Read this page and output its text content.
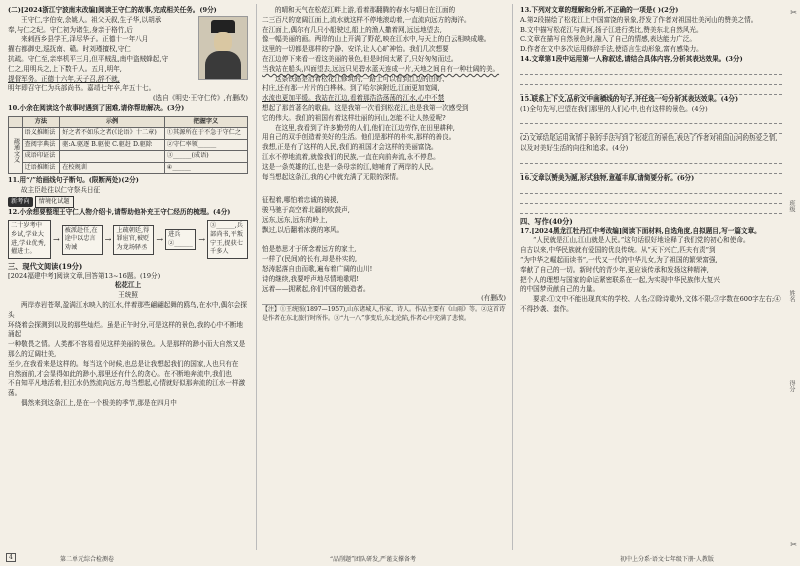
(二)[2024浙江宁波南末改编]阅读王守仁的故事,完成相关任务。(9分)

王守仁,字伯安,余姚人。祖父天叙,生子华,以胡承

奉,与仁之纪。守仁初为诸生,身亲于格竹,后

来刺西乡县学王,泽尽华子。正德十一年八月

擢右都御史,巡抚南、赣。时刘瑾擅权,守仁

抗疏。守仁至,亲率机平三月,但平贼乱,南中盗贼蜂起,守

仁之,用明兵之,上下数千人。五月,明年,

提督军务。正德十六年,天子召,辞不就,

明年即召守仁为兵部尚书。嘉靖七年卒,年五十七。

(选自《明史·王守仁传》,有删改)

10.小余在阅读这个故事时遇到了困难,请你帮助解决。(3分)

	方法	示例	把握字义
疏通文义	语义推断法	好之者不如乐之者(《论语》十二章)	①其源所在于不急于守仁之
	查阅字典法	驱:A.驱逐 B.驱使 C.驱赶 D.驱除	②守仁率领______
	成语印证法		③______(成语)
	迁语推断法	在校规训	④______

11.用“/”给画线句子断句。(限断两处)(2分)

故主臣赴往以仁守祭兵日征

新考向 情境化试题

12.小余想要整理王守仁人物介绍卡,请帮助他补充王守仁经历的梳理。(4分)

二十岁考中乡试,学业大进,学业优秀,擢进士。
→
被派赴任,在途中以忠言劝诫
→
上疏朝廷,得罪宦官,被贬为龙场驿丞
→
进兵②______ →
③______,兵部尚书,平叛宁王,捉获七千多人

三、现代文阅读(19分)

[2024福建中考]阅读文章,回答第13~16题。(19分)

松花江上

王统照

两岸赤岩苍翠,盈满江水映入的江水,伴着那些翩翩起舞的鸥鸟,在水中,偶尔会探头

环绕着会探测到以及的那些灿烂。虽是正午时分,可是这样的景色,我的心中不断地涌起

一种敬畏之情。人类都不容易看见这样美丽的景色。人是那样的渺小而大自然又是那么的辽阔壮美,

至少,在我看来是这样的。每当这个时候,也总是让我想起我们的国家,人也只有在

自然面前,才会显得如此的渺小,那里还有什么的贪心。在不断地奔流中,我们也

不自知平凡地活着,但江水仍然流向远方,每当想起,心情就好似那奔流的江水一样激荡。

偶然来到这条江上,是在一个极美的季节,那是在四月中

的晴和天气在松花江畔上游,看着那翻腾的春水与晴日在江面的

二三百尺的宽阔江面上,流水就这样不停地滚动着,一直流向远方的海洋。

在江面上,偶尔有几只小船驶过,船上的渔人撒着网,远远地望去,

像一幅美丽的画。两岸的山上开满了野花,映在江水中,与天上的白云相映成趣。

这里的一切都是那样的宁静、安详,让人心旷神怡。我们几次想要

在江边停下来看一看这美丽的景色,但是时间太紧了,只好匆匆而过。

当我站在船头,四面望去,远远只见碧水蓝天连成一片,天地之间自有一种壮阔的美。

这条铁路是沿着松花江修筑的,一路上可以看到江边的田野、

村庄,还有那一片片的白桦林。到了哈尔滨附近,江面更加宽阔,

水流也更加平缓。我站在江边,看着那浩浩荡荡的江水,心中不禁

想起了那首著名的歌曲。这是我第一次看到松花江,也是我第一次感受到

它的伟大。我们的祖国有着这样壮丽的河山,怎能不让人热爱呢?

在这里,我看到了许多勤劳的人们,他们在江边劳作,在田里耕种,

用自己的双手创造着美好的生活。他们是那样的朴实,那样的善良。

我想,正是有了这样的人民,我们的祖国才会这样的美丽富饶。

江水不停地流着,就像我们的民族,一直在向前奔流,永不停息。

这是一条英雄的江,也是一条母亲的江,她哺育了两岸的人民。

每当想起这条江,我的心中就充满了无限的深情。

征程着,哪怕着忠诚的骑援,

骏马驰于高空着北疆的吹鼓声,

远东,远东,远东的岭上,

飘过,以后翻着冰漠的寒风。

怕是愁思才于所念着远方的家土,

一样了(民间)的长有,却是朴实的,

怒涛起落自由而歌,遍布着广阔的山川!

诗的继续,我要呼声地尽情地歌唱!

远着——拥紧起,你们中国的锻造者。

(有删改)

【注】①王统照(1897—1957),山东诸城人,作家、诗人。作品主要有《山雨》等。②这首诗是作者在东北旅行时所作。③“九一八”事变后,东北沦陷,作者心中充满了悲愤。

13.下列对文章的理解和分析,不正确的一项是( )(2分)

A.第2段描绘了松花江上中国富饶的景象,抒发了作者对祖国壮美河山的赞美之情。

B.文中描写松花江与黄河,扬子江进行类比,赞美东北自然风光。

C.文章在描写自然景色时,融入了自己的情感,表达能力广泛。

D.作者在文中多次运用修辞手法,使语言生动形象,富有感染力。

14.文章第1段中运用第一人称叙述,请结合具体内容,分析其表达效果。(3分)

15.联系上下文,品析文中画横线的句子,并任选一句分析其表达效果。(4分)

(1)全句先写,巴望在我们那里的人们心中,也有这样的景色。(4分)

(2)文章结尾运用寓情于景的手法写到了松花江的景色,表达了作者对祖国山河的热爱之情,以及对美好生活的向往和追求。(4分)

16.文章以赞美为题,形式独特,意蕴丰厚,请简要分析。(6分)

四、写作(40分)

17.[2024黑龙江牡丹江中考改编]阅读下面材料,自选角度,自拟题目,写一篇文章。

“人民就是江山,江山就是人民。”这句话很好地诠释了我们党的初心和使命。

自古以来,中华民族就有爱国的优良传统。从“天下兴亡,匹夫有责”到

“为中华之崛起而读书”,一代又一代的中华儿女,为了祖国的繁荣富强,

奉献了自己的一切。新时代的青少年,更应该传承和发扬这种精神,

把个人的理想与国家的命运紧密联系在一起,为实现中华民族伟大复兴

的中国梦贡献自己的力量。

要求:①文中不能出现真实的学校、人名;②除诗歌外,文体不限;③字数在600字左右;④不得抄袭、套作。

班级
姓名
得分
✂
✂
4	第二单元综合检测卷	“品削题”团队研发,严谨支撑备考	初中上分系·语文七年级下册·人教版
